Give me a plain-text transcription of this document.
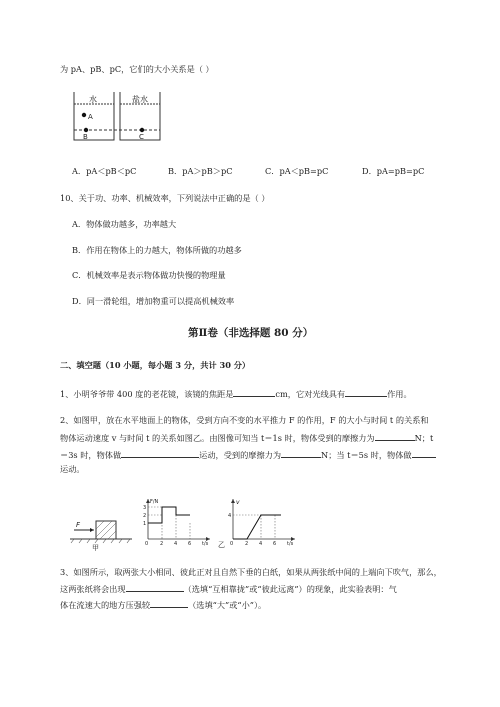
为 pA、pB、pC，它们的大小关系是（ ）
水	盐水
A
B	C
A．pA＜pB＜pC	B．pA＞pB＞pC	C．pA＜pB=pC	D．pA=pB=pC
10、关于功、功率、机械效率，下列说法中正确的是（ ）
A．物体做功越多，功率越大
B．作用在物体上的力越大，物体所做的功越多
C．机械效率是表示物体做功快慢的物理量
D．同一滑轮组，增加物重可以提高机械效率
第Ⅱ卷（非选择题 80 分）
二、填空题（10 小题，每小题 3 分，共计 30 分）
1、小明爷爷带 400 度的老花镜，该镜的焦距是	cm，它对光线具有	作用。
2、如图甲，放在水平地面上的物体，受到方向不变的水平推力 F 的作用，F 的大小与时间 t 的关系和
物体运动速度 v 与时间 t 的关系如图乙。由图像可知当 t＝1s 时，物体受到的摩擦力为	N；t
＝3s 时，物体做	运动，受到的摩擦力为	N；当 t＝5s 时，物体做
运动。
F
甲
F/N
t/s
3
2
1
0 2 4 6
v
t/s
4
0 2 4 6
乙
3、如图所示，取两张大小相同、彼此正对且自然下垂的白纸，如果从两张纸中间的上端向下吹气，那么，
这两张纸将会出现	（选填“互相靠拢”或“彼此远离”）的现象，此实验表明：气
体在流速大的地方压强较	（选填“大”或“小”）。
